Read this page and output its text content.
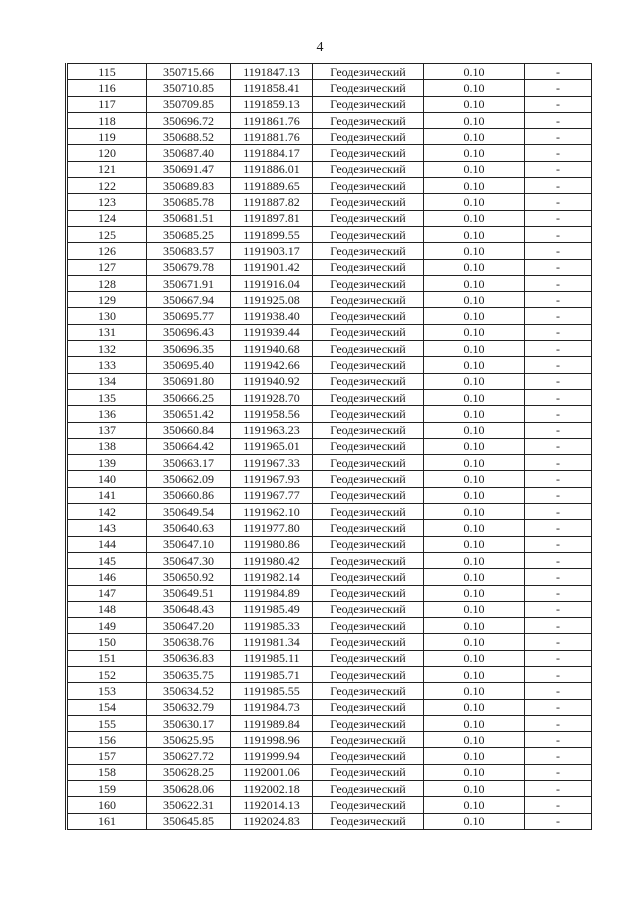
4
115	350715.66	1191847.13	Геодезический	0.10	-
116	350710.85	1191858.41	Геодезический	0.10	-
117	350709.85	1191859.13	Геодезический	0.10	-
118	350696.72	1191861.76	Геодезический	0.10	-
119	350688.52	1191881.76	Геодезический	0.10	-
120	350687.40	1191884.17	Геодезический	0.10	-
121	350691.47	1191886.01	Геодезический	0.10	-
122	350689.83	1191889.65	Геодезический	0.10	-
123	350685.78	1191887.82	Геодезический	0.10	-
124	350681.51	1191897.81	Геодезический	0.10	-
125	350685.25	1191899.55	Геодезический	0.10	-
126	350683.57	1191903.17	Геодезический	0.10	-
127	350679.78	1191901.42	Геодезический	0.10	-
128	350671.91	1191916.04	Геодезический	0.10	-
129	350667.94	1191925.08	Геодезический	0.10	-
130	350695.77	1191938.40	Геодезический	0.10	-
131	350696.43	1191939.44	Геодезический	0.10	-
132	350696.35	1191940.68	Геодезический	0.10	-
133	350695.40	1191942.66	Геодезический	0.10	-
134	350691.80	1191940.92	Геодезический	0.10	-
135	350666.25	1191928.70	Геодезический	0.10	-
136	350651.42	1191958.56	Геодезический	0.10	-
137	350660.84	1191963.23	Геодезический	0.10	-
138	350664.42	1191965.01	Геодезический	0.10	-
139	350663.17	1191967.33	Геодезический	0.10	-
140	350662.09	1191967.93	Геодезический	0.10	-
141	350660.86	1191967.77	Геодезический	0.10	-
142	350649.54	1191962.10	Геодезический	0.10	-
143	350640.63	1191977.80	Геодезический	0.10	-
144	350647.10	1191980.86	Геодезический	0.10	-
145	350647.30	1191980.42	Геодезический	0.10	-
146	350650.92	1191982.14	Геодезический	0.10	-
147	350649.51	1191984.89	Геодезический	0.10	-
148	350648.43	1191985.49	Геодезический	0.10	-
149	350647.20	1191985.33	Геодезический	0.10	-
150	350638.76	1191981.34	Геодезический	0.10	-
151	350636.83	1191985.11	Геодезический	0.10	-
152	350635.75	1191985.71	Геодезический	0.10	-
153	350634.52	1191985.55	Геодезический	0.10	-
154	350632.79	1191984.73	Геодезический	0.10	-
155	350630.17	1191989.84	Геодезический	0.10	-
156	350625.95	1191998.96	Геодезический	0.10	-
157	350627.72	1191999.94	Геодезический	0.10	-
158	350628.25	1192001.06	Геодезический	0.10	-
159	350628.06	1192002.18	Геодезический	0.10	-
160	350622.31	1192014.13	Геодезический	0.10	-
161	350645.85	1192024.83	Геодезический	0.10	-
